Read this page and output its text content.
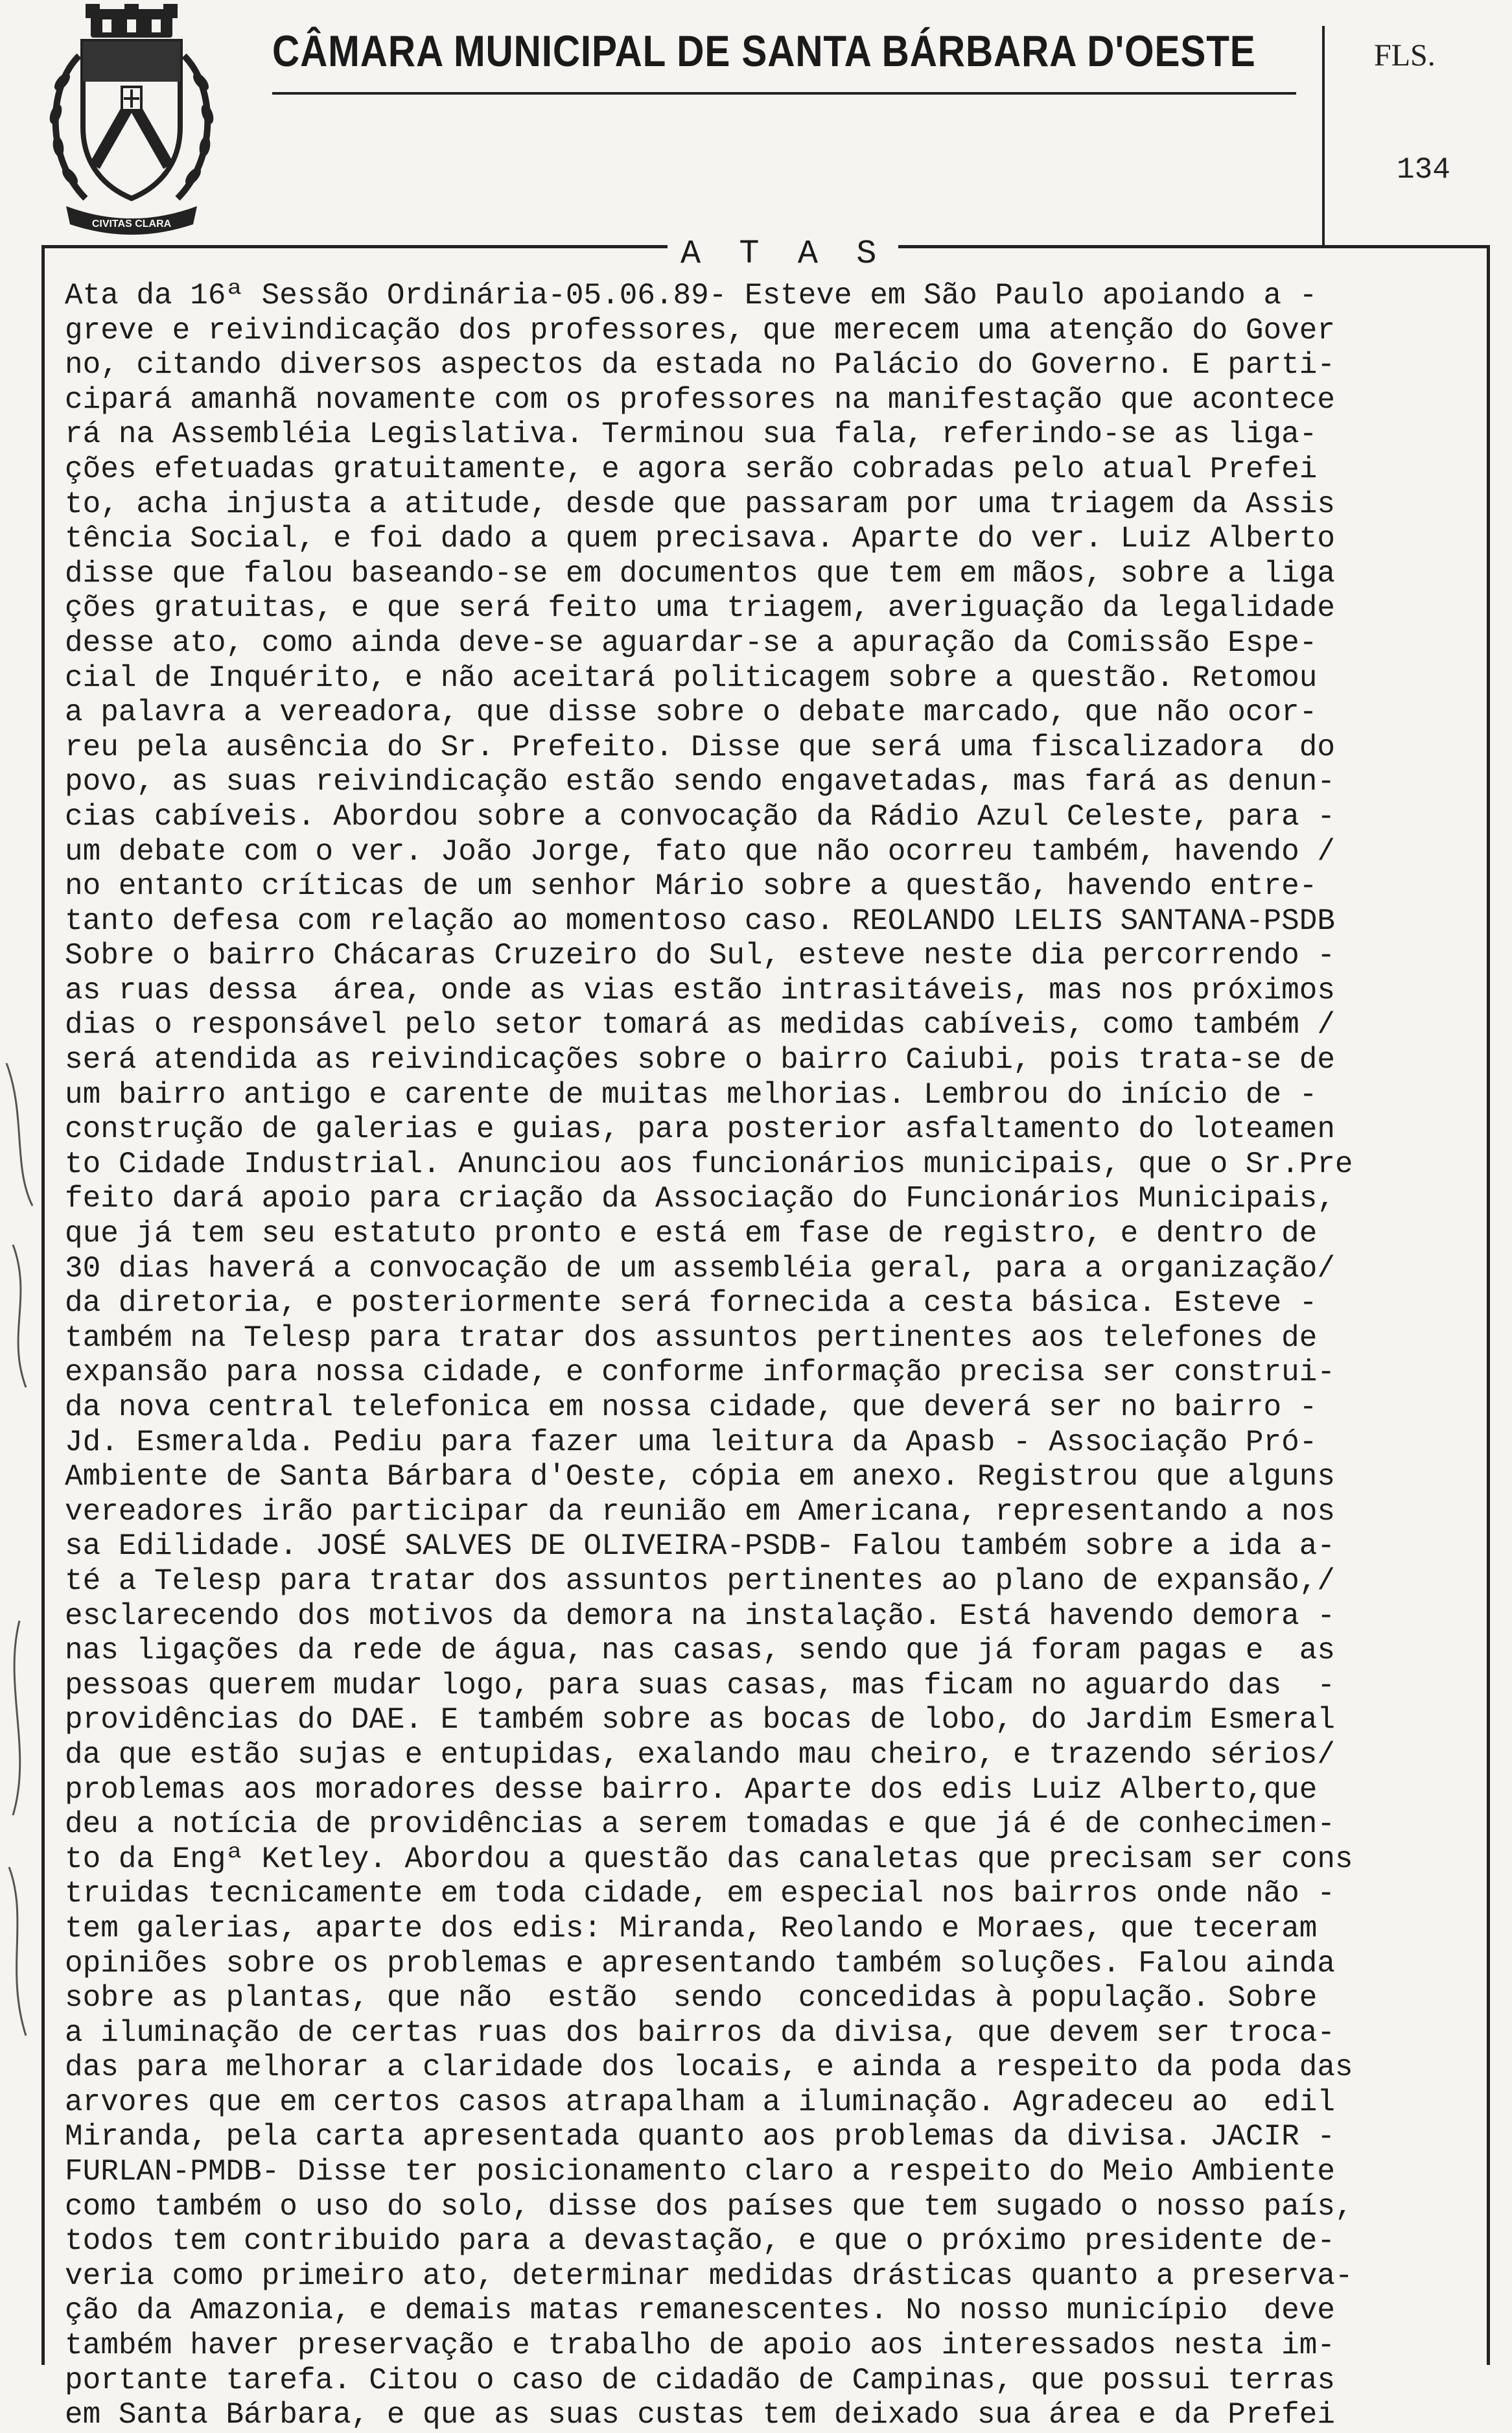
CIVITAS CLARA
CÂMARA MUNICIPAL DE SANTA BÁRBARA D'OESTE	FLS.
134
A T A S
Ata da 16ª Sessão Ordinária-05.06.89- Esteve em São Paulo apoiando a -
greve e reivindicação dos professores, que merecem uma atenção do Gover
no, citando diversos aspectos da estada no Palácio do Governo. E parti-
cipará amanhã novamente com os professores na manifestação que acontece
rá na Assembléia Legislativa. Terminou sua fala, referindo-se as liga-
ções efetuadas gratuitamente, e agora serão cobradas pelo atual Prefei
to, acha injusta a atitude, desde que passaram por uma triagem da Assis
tência Social, e foi dado a quem precisava. Aparte do ver. Luiz Alberto
disse que falou baseando-se em documentos que tem em mãos, sobre a liga
ções gratuitas, e que será feito uma triagem, averiguação da legalidade
desse ato, como ainda deve-se aguardar-se a apuração da Comissão Espe-
cial de Inquérito, e não aceitará politicagem sobre a questão. Retomou
a palavra a vereadora, que disse sobre o debate marcado, que não ocor-
reu pela ausência do Sr. Prefeito. Disse que será uma fiscalizadora  do
povo, as suas reivindicação estão sendo engavetadas, mas fará as denun-
cias cabíveis. Abordou sobre a convocação da Rádio Azul Celeste, para -
um debate com o ver. João Jorge, fato que não ocorreu também, havendo /
no entanto críticas de um senhor Mário sobre a questão, havendo entre-
tanto defesa com relação ao momentoso caso. REOLANDO LELIS SANTANA-PSDB
Sobre o bairro Chácaras Cruzeiro do Sul, esteve neste dia percorrendo -
as ruas dessa  área, onde as vias estão intrasitáveis, mas nos próximos
dias o responsável pelo setor tomará as medidas cabíveis, como também /
será atendida as reivindicações sobre o bairro Caiubi, pois trata-se de
um bairro antigo e carente de muitas melhorias. Lembrou do início de -
construção de galerias e guias, para posterior asfaltamento do loteamen
to Cidade Industrial. Anunciou aos funcionários municipais, que o Sr.Pre
feito dará apoio para criação da Associação do Funcionários Municipais,
que já tem seu estatuto pronto e está em fase de registro, e dentro de
30 dias haverá a convocação de um assembléia geral, para a organização/
da diretoria, e posteriormente será fornecida a cesta básica. Esteve -
também na Telesp para tratar dos assuntos pertinentes aos telefones de
expansão para nossa cidade, e conforme informação precisa ser construi-
da nova central telefonica em nossa cidade, que deverá ser no bairro -
Jd. Esmeralda. Pediu para fazer uma leitura da Apasb - Associação Pró-
Ambiente de Santa Bárbara d'Oeste, cópia em anexo. Registrou que alguns
vereadores irão participar da reunião em Americana, representando a nos
sa Edilidade. JOSÉ SALVES DE OLIVEIRA-PSDB- Falou também sobre a ida a-
té a Telesp para tratar dos assuntos pertinentes ao plano de expansão,/
esclarecendo dos motivos da demora na instalação. Está havendo demora -
nas ligações da rede de água, nas casas, sendo que já foram pagas e  as
pessoas querem mudar logo, para suas casas, mas ficam no aguardo das  -
providências do DAE. E também sobre as bocas de lobo, do Jardim Esmeral
da que estão sujas e entupidas, exalando mau cheiro, e trazendo sérios/
problemas aos moradores desse bairro. Aparte dos edis Luiz Alberto,que
deu a notícia de providências a serem tomadas e que já é de conhecimen-
to da Engª Ketley. Abordou a questão das canaletas que precisam ser cons
truidas tecnicamente em toda cidade, em especial nos bairros onde não -
tem galerias, aparte dos edis: Miranda, Reolando e Moraes, que teceram
opiniões sobre os problemas e apresentando também soluções. Falou ainda
sobre as plantas, que não  estão  sendo  concedidas à população. Sobre
a iluminação de certas ruas dos bairros da divisa, que devem ser troca-
das para melhorar a claridade dos locais, e ainda a respeito da poda das
arvores que em certos casos atrapalham a iluminação. Agradeceu ao  edil
Miranda, pela carta apresentada quanto aos problemas da divisa. JACIR -
FURLAN-PMDB- Disse ter posicionamento claro a respeito do Meio Ambiente
como também o uso do solo, disse dos países que tem sugado o nosso país,
todos tem contribuido para a devastação, e que o próximo presidente de-
veria como primeiro ato, determinar medidas drásticas quanto a preserva-
ção da Amazonia, e demais matas remanescentes. No nosso município  deve
também haver preservação e trabalho de apoio aos interessados nesta im-
portante tarefa. Citou o caso de cidadão de Campinas, que possui terras
em Santa Bárbara, e que as suas custas tem deixado sua área e da Prefei
